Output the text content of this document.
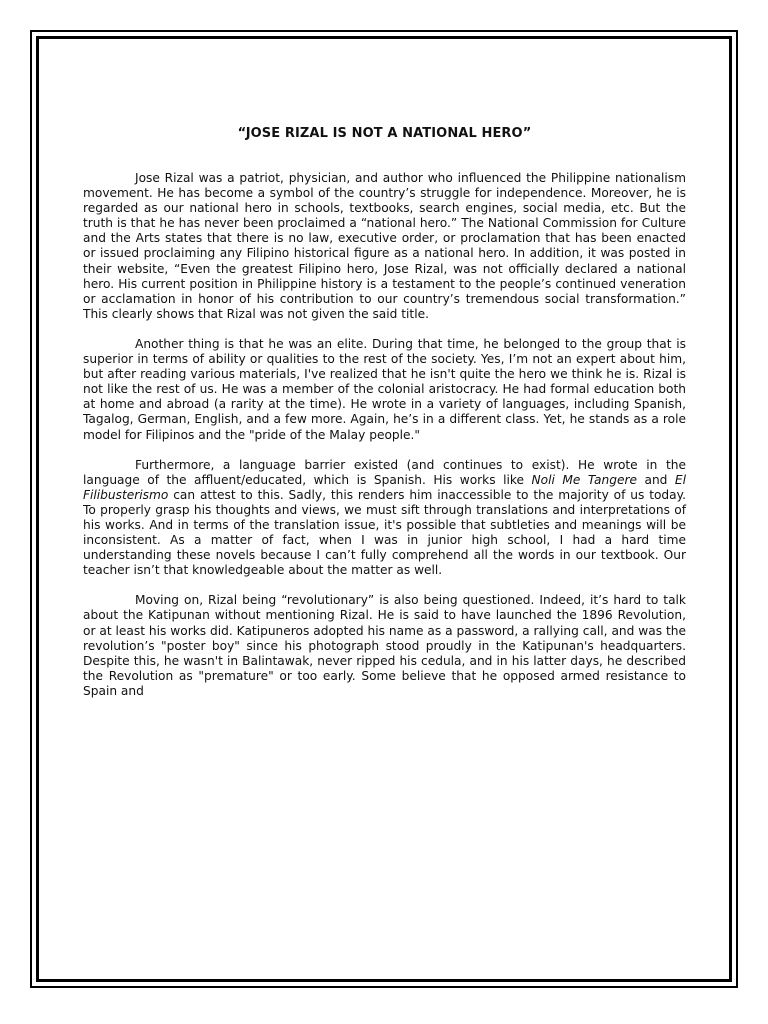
“JOSE RIZAL IS NOT A NATIONAL HERO”

Jose Rizal was a patriot, physician, and author who influenced the Philippine nationalism movement. He has become a symbol of the country’s struggle for independence. Moreover, he is regarded as our national hero in schools, textbooks, search engines, social media, etc. But the truth is that he has never been proclaimed a “national hero.” The National Commission for Culture and the Arts states that there is no law, executive order, or proclamation that has been enacted or issued proclaiming any Filipino historical figure as a national hero. In addition, it was posted in their website, “Even the greatest Filipino hero, Jose Rizal, was not officially declared a national hero. His current position in Philippine history is a testament to the people’s continued veneration or acclamation in honor of his contribution to our country’s tremendous social transformation.” This clearly shows that Rizal was not given the said title.

Another thing is that he was an elite. During that time, he belonged to the group that is superior in terms of ability or qualities to the rest of the society. Yes, I’m not an expert about him, but after reading various materials, I've realized that he isn't quite the hero we think he is. Rizal is not like the rest of us. He was a member of the colonial aristocracy. He had formal education both at home and abroad (a rarity at the time). He wrote in a variety of languages, including Spanish, Tagalog, German, English, and a few more. Again, he’s in a different class. Yet, he stands as a role model for Filipinos and the "pride of the Malay people."

Furthermore, a language barrier existed (and continues to exist). He wrote in the language of the affluent/educated, which is Spanish. His works like Noli Me Tangere and El Filibusterismo can attest to this. Sadly, this renders him inaccessible to the majority of us today. To properly grasp his thoughts and views, we must sift through translations and interpretations of his works. And in terms of the translation issue, it's possible that subtleties and meanings will be inconsistent. As a matter of fact, when I was in junior high school, I had a hard time understanding these novels because I can’t fully comprehend all the words in our textbook. Our teacher isn’t that knowledgeable about the matter as well.

Moving on, Rizal being “revolutionary” is also being questioned. Indeed, it’s hard to talk about the Katipunan without mentioning Rizal. He is said to have launched the 1896 Revolution, or at least his works did. Katipuneros adopted his name as a password, a rallying call, and was the revolution’s "poster boy" since his photograph stood proudly in the Katipunan's headquarters. Despite this, he wasn't in Balintawak, never ripped his cedula, and in his latter days, he described the Revolution as "premature" or too early. Some believe that he opposed armed resistance to Spain and
